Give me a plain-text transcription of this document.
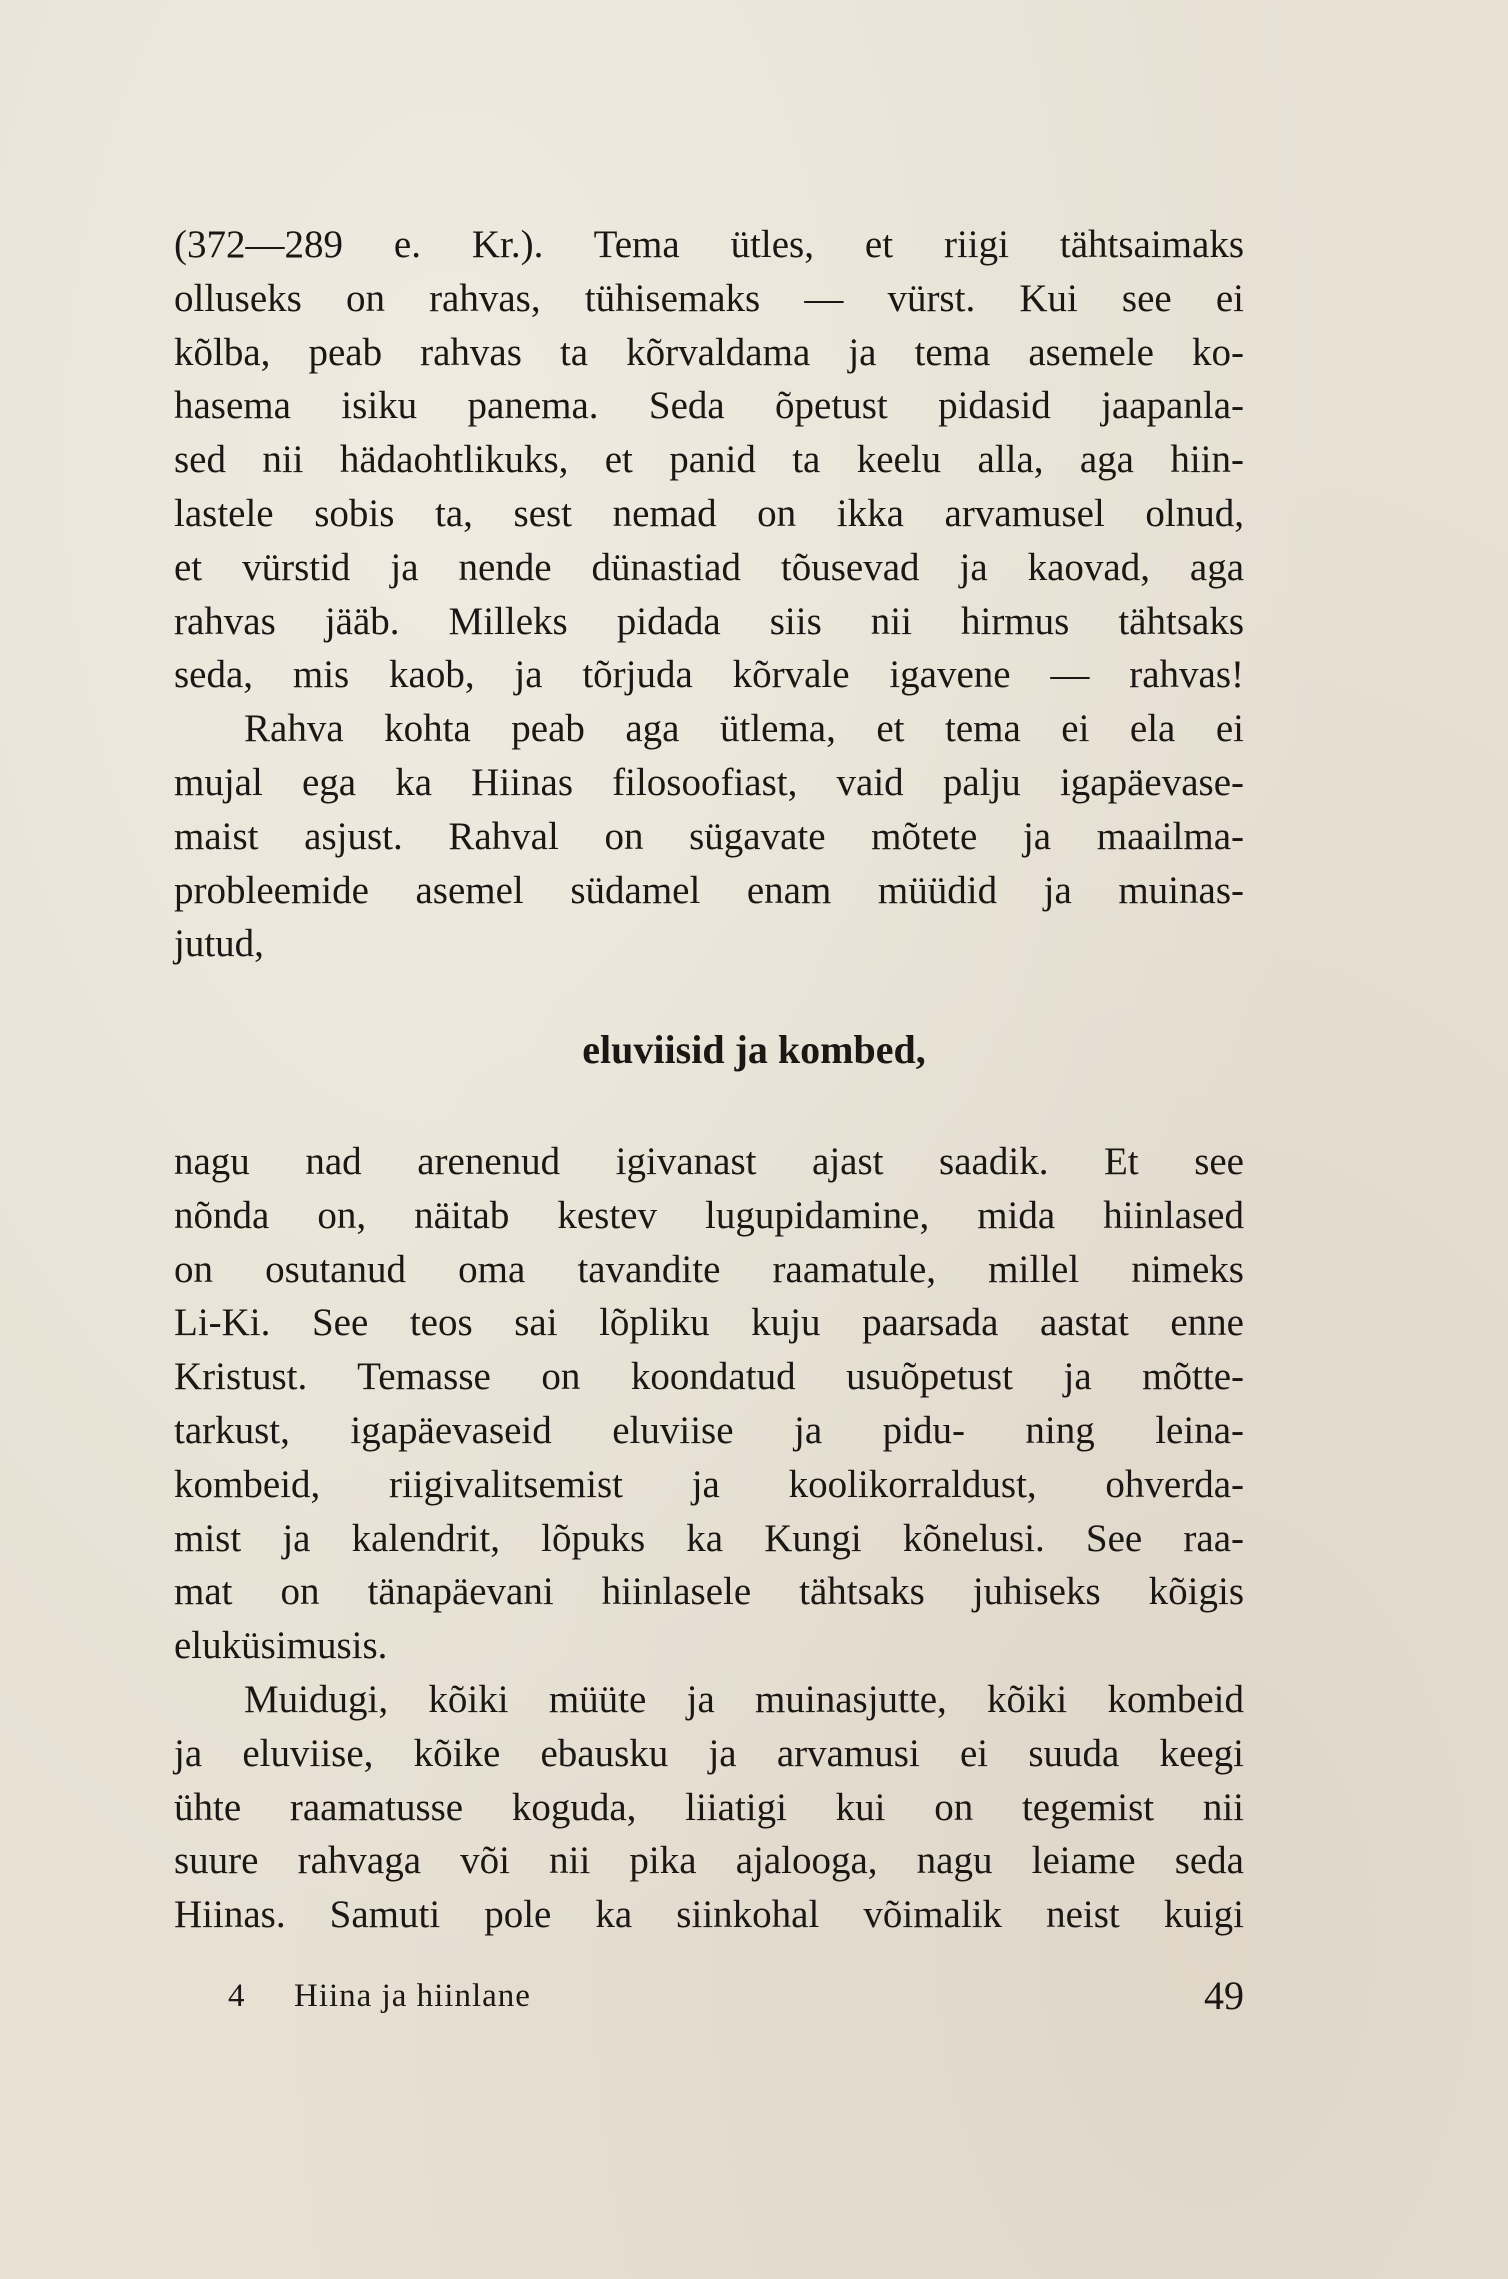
(372—289 e. Kr.). Tema ütles, et riigi tähtsaimaks
olluseks on rahvas, tühisemaks — vürst. Kui see ei
kõlba, peab rahvas ta kõrvaldama ja tema asemele ko-
hasema isiku panema. Seda õpetust pidasid jaapanla-
sed nii hädaohtlikuks, et panid ta keelu alla, aga hiin-
lastele sobis ta, sest nemad on ikka arvamusel olnud,
et vürstid ja nende dünastiad tõusevad ja kaovad, aga
rahvas jääb. Milleks pidada siis nii hirmus tähtsaks
seda, mis kaob, ja tõrjuda kõrvale igavene — rahvas!
Rahva kohta peab aga ütlema, et tema ei ela ei
mujal ega ka Hiinas filosoofiast, vaid palju igapäevase-
maist asjust. Rahval on sügavate mõtete ja maailma-
probleemide asemel südamel enam müüdid ja muinas-
jutud,
eluviisid ja kombed,
nagu nad arenenud igivanast ajast saadik. Et see
nõnda on, näitab kestev lugupidamine, mida hiinlased
on osutanud oma tavandite raamatule, millel nimeks
Li-Ki. See teos sai lõpliku kuju paarsada aastat enne
Kristust. Temasse on koondatud usuõpetust ja mõtte-
tarkust, igapäevaseid eluviise ja pidu- ning leina-
kombeid, riigivalitsemist ja koolikorraldust, ohverda-
mist ja kalendrit, lõpuks ka Kungi kõnelusi. See raa-
mat on tänapäevani hiinlasele tähtsaks juhiseks kõigis
eluküsimusis.
Muidugi, kõiki müüte ja muinasjutte, kõiki kombeid
ja eluviise, kõike ebausku ja arvamusi ei suuda keegi
ühte raamatusse koguda, liiatigi kui on tegemist nii
suure rahvaga või nii pika ajalooga, nagu leiame seda
Hiinas. Samuti pole ka siinkohal võimalik neist kuigi
4 Hiina ja hiinlane	49
